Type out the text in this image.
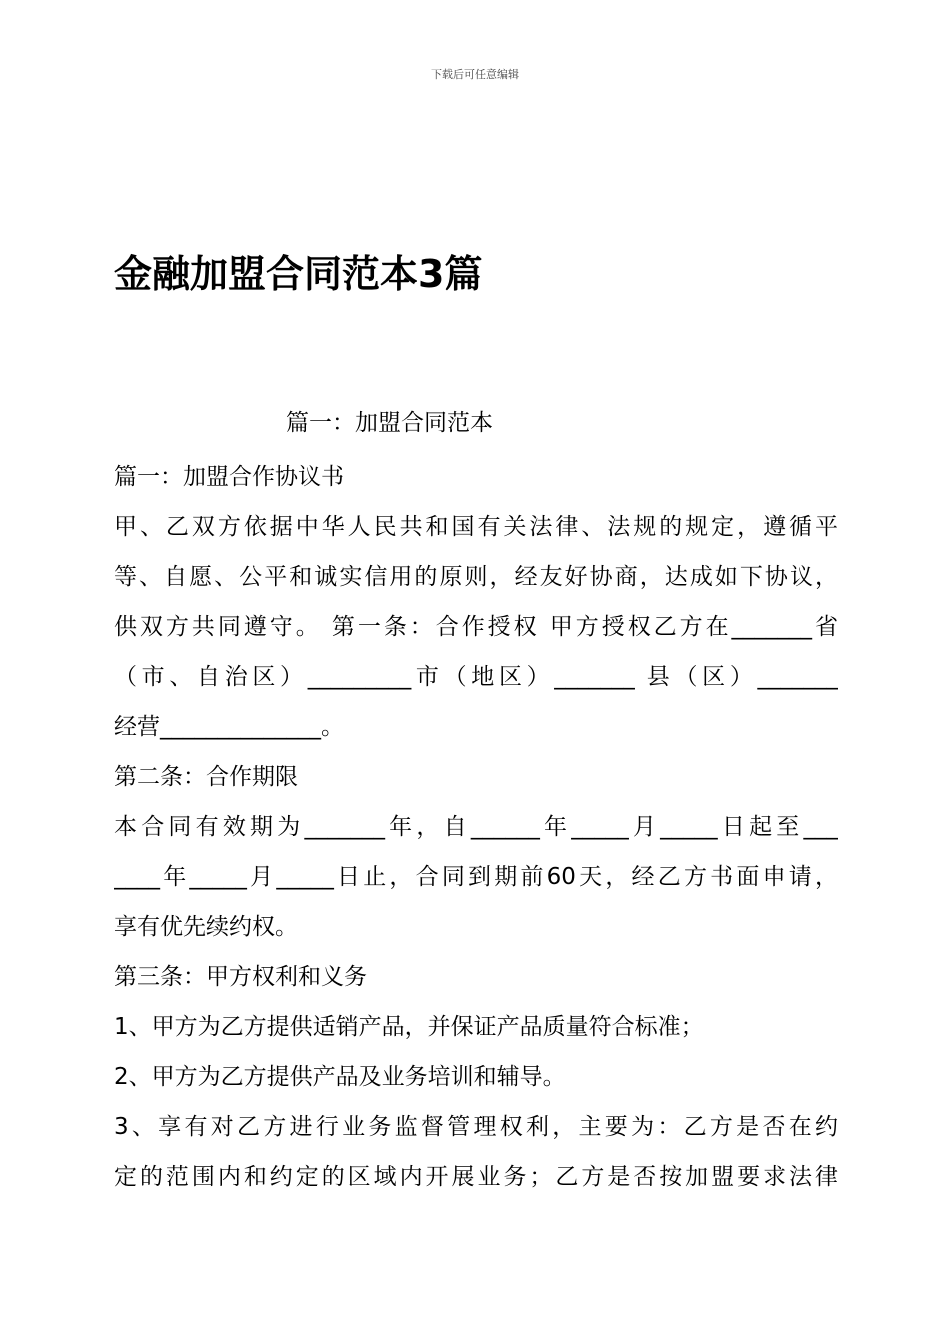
下载后可任意编辑
金融加盟合同范本3篇
篇一：加盟合同范本
篇一：加盟合作协议书
甲、乙双方依据中华人民共和国有关法律、法规的规定，遵循平
等、自愿、公平和诚实信用的原则，经友好协商，达成如下协议，
供双方共同遵守。 第一条：合作授权 甲方授权乙方在_______省
（市、自治区）_________市（地区）_______ 县（区）_______
经营______________。
第二条：合作期限
本合同有效期为_______年，自______年_____月_____日起至___
____年_____月_____日止，合同到期前60天，经乙方书面申请，
享有优先续约权。
第三条：甲方权利和义务
1、甲方为乙方提供适销产品，并保证产品质量符合标准；
2、甲方为乙方提供产品及业务培训和辅导。
3、享有对乙方进行业务监督管理权利，主要为：乙方是否在约
定的范围内和约定的区域内开展业务；乙方是否按加盟要求法律
